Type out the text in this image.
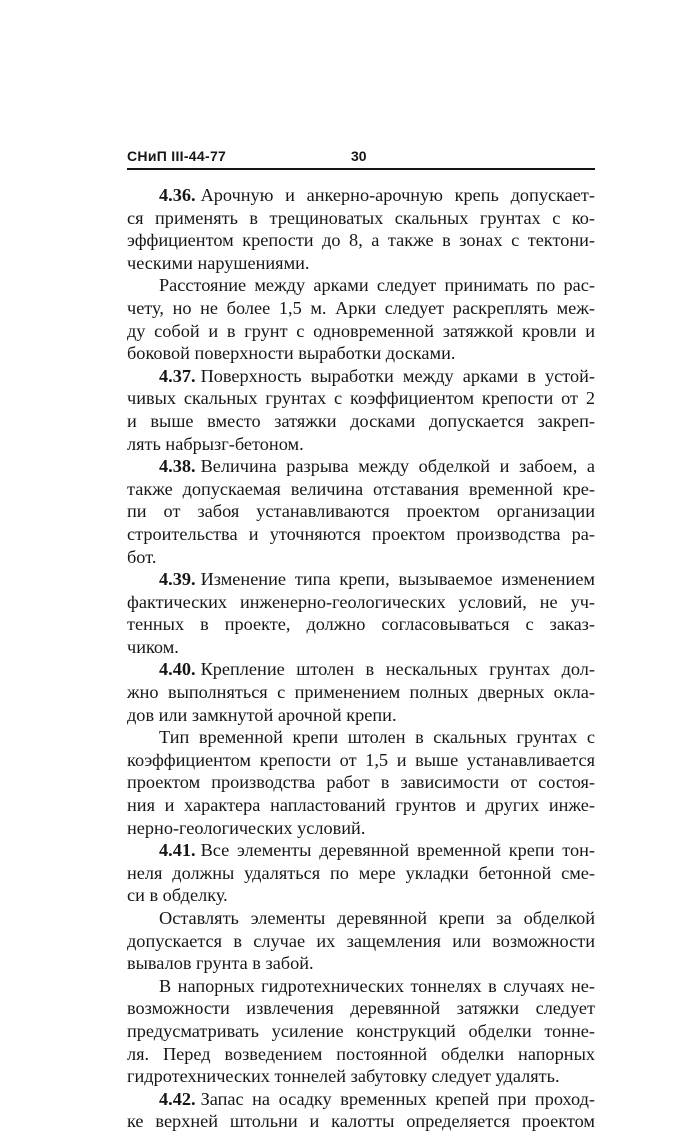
СНиП III-44-77	30
4.36. Арочную и анкерно-арочную крепь допускает-
ся применять в трещиноватых скальных грунтах с ко-
эффициентом крепости до 8, а также в зонах с тектони-
ческими нарушениями.
Расстояние между арками следует принимать по рас-
чету, но не более 1,5 м. Арки следует раскреплять меж-
ду собой и в грунт с одновременной затяжкой кровли и
боковой поверхности выработки досками.
4.37. Поверхность выработки между арками в устой-
чивых скальных грунтах с коэффициентом крепости от 2
и выше вместо затяжки досками допускается закреп-
лять набрызг-бетоном.
4.38. Величина разрыва между обделкой и забоем, а
также допускаемая величина отставания временной кре-
пи от забоя устанавливаются проектом организации
строительства и уточняются проектом производства ра-
бот.
4.39. Изменение типа крепи, вызываемое изменением
фактических инженерно-геологических условий, не уч-
тенных в проекте, должно согласовываться с заказ-
чиком.
4.40. Крепление штолен в нескальных грунтах дол-
жно выполняться с применением полных дверных окла-
дов или замкнутой арочной крепи.
Тип временной крепи штолен в скальных грунтах с
коэффициентом крепости от 1,5 и выше устанавливается
проектом производства работ в зависимости от состоя-
ния и характера напластований грунтов и других инже-
нерно-геологических условий.
4.41. Все элементы деревянной временной крепи тон-
неля должны удаляться по мере укладки бетонной сме-
си в обделку.
Оставлять элементы деревянной крепи за обделкой
допускается в случае их защемления или возможности
вывалов грунта в забой.
В напорных гидротехнических тоннелях в случаях не-
возможности извлечения деревянной затяжки следует
предусматривать усиление конструкций обделки тонне-
ля. Перед возведением постоянной обделки напорных
гидротехнических тоннелей забутовку следует удалять.
4.42. Запас на осадку временных крепей при проход-
ке верхней штольни и калотты определяется проектом
